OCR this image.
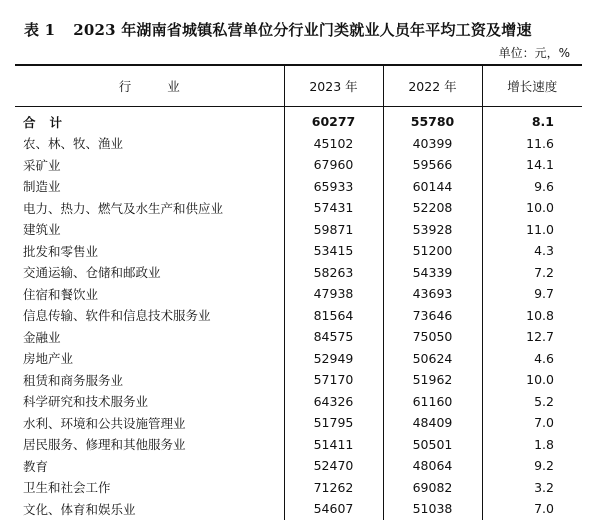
表 1 2023 年湖南省城镇私营单位分行业门类就业人员年平均工资及增速
单位：元，%
行 业	2023 年	2022 年	增长速度
合计	60277	55780	8.1
农、林、牧、渔业	45102	40399	11.6
采矿业	67960	59566	14.1
制造业	65933	60144	9.6
电力、热力、燃气及水生产和供应业	57431	52208	10.0
建筑业	59871	53928	11.0
批发和零售业	53415	51200	4.3
交通运输、仓储和邮政业	58263	54339	7.2
住宿和餐饮业	47938	43693	9.7
信息传输、软件和信息技术服务业	81564	73646	10.8
金融业	84575	75050	12.7
房地产业	52949	50624	4.6
租赁和商务服务业	57170	51962	10.0
科学研究和技术服务业	64326	61160	5.2
水利、环境和公共设施管理业	51795	48409	7.0
居民服务、修理和其他服务业	51411	50501	1.8
教育	52470	48064	9.2
卫生和社会工作	71262	69082	3.2
文化、体育和娱乐业	54607	51038	7.0
